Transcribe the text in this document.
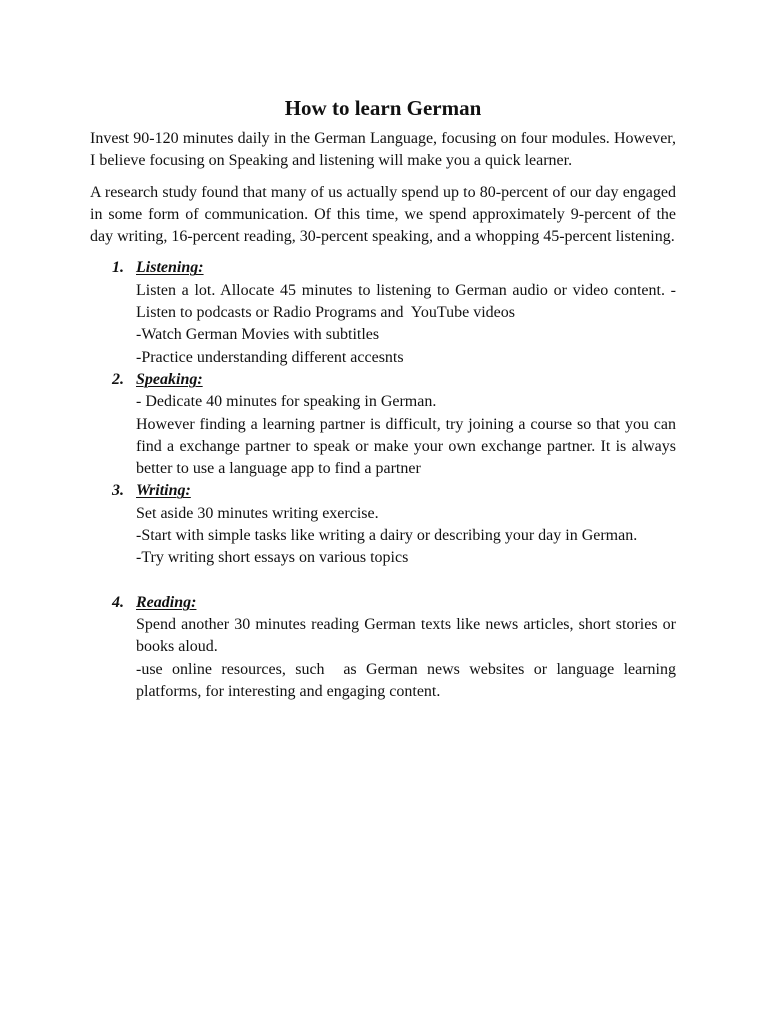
How to learn German

Invest 90-120 minutes daily in the German Language, focusing on four modules. However, I believe focusing on Speaking and listening will make you a quick learner.

A research study found that many of us actually spend up to 80-percent of our day engaged in some form of communication. Of this time, we spend approximately 9-percent of the day writing, 16-percent reading, 30-percent speaking, and a whopping 45-percent listening.

1. Listening:
Listen a lot. Allocate 45 minutes to listening to German audio or video content. -Listen to podcasts or Radio Programs and  YouTube videos
-Watch German Movies with subtitles
-Practice understanding different accesnts
2. Speaking:
- Dedicate 40 minutes for speaking in German.
However finding a learning partner is difficult, try joining a course so that you can find a exchange partner to speak or make your own exchange partner. It is always better to use a language app to find a partner
3. Writing:
Set aside 30 minutes writing exercise.
-Start with simple tasks like writing a dairy or describing your day in German.
-Try writing short essays on various topics
4. Reading:
Spend another 30 minutes reading German texts like news articles, short stories or books aloud.
-use online resources, such  as German news websites or language learning platforms, for interesting and engaging content.
